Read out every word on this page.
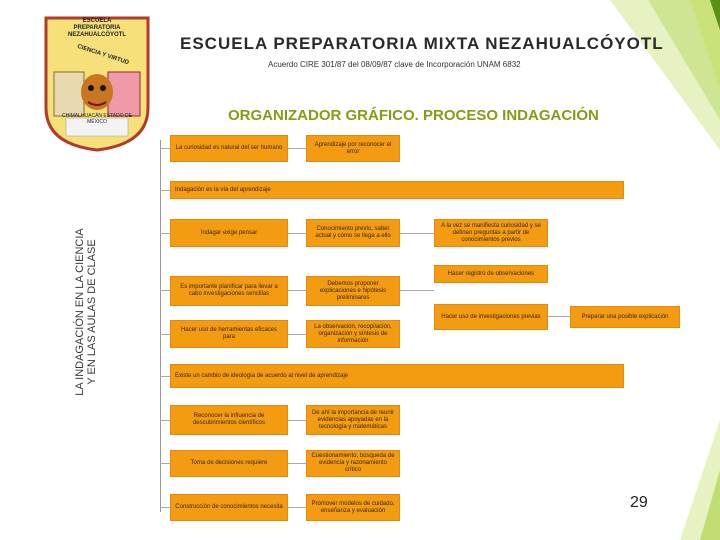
ESCUELA PREPARATORIA NEZAHUALCÓYOTL
CIENCIA Y VIRTUD
CHIMALHUACÁN ESTADO DE MÉXICO
ESCUELA PREPARATORIA MIXTA NEZAHUALCÓYOTL
Acuerdo CIRE 301/87 del 08/09/87 clave de Incorporación UNAM 6832
ORGANIZADOR GRÁFICO. PROCESO INDAGACIÓN
LA INDAGACIÓN EN LA CIENCIA Y EN LAS AULAS DE CLASE
La curiosidad es natural del ser humano
Aprendizaje por reconocer el error
Indagación es la vía del aprendizaje
Indagar exige pensar
Conocimiento previo, saber actual y cómo se llega a ello
A la vez se manifiesta curiosidad y se definen preguntas a partir de conocimientos previos
Hacer registro de observaciones
Es importante planificar para llevar a cabo investigaciones sencillas
Debemos proponer explicaciones e hipótesis preliminares
Hacer uso de investigaciones previas	Preparar una posible explicación
Hacer uso de herramientas eficaces para
La observación, recopilación, organización y síntesis de información
Existe un cambio de ideología de acuerdo al nivel de aprendizaje
Reconocer la influencia de descubrimientos científicos
De ahí la importancia de reunir evidencias apoyadas en la tecnología y matemáticas
Toma de decisiones requiere
Cuestionamiento, búsqueda de evidencia y razonamiento crítico
Construcción de conocimientos necesita
Promover modelos de cuidado, enseñanza y evaluación	29
